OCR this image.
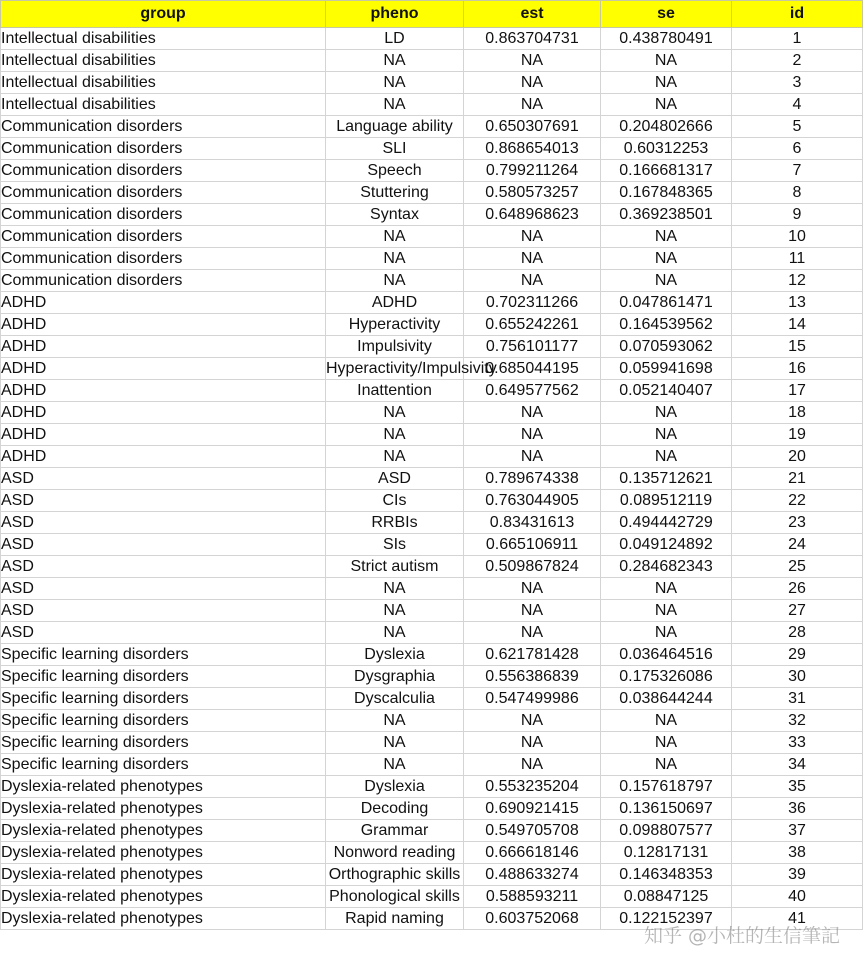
group	pheno	est	se	id
Intellectual disabilities	LD	0.863704731	0.438780491	1
Intellectual disabilities	NA	NA	NA	2
Intellectual disabilities	NA	NA	NA	3
Intellectual disabilities	NA	NA	NA	4
Communication disorders	Language ability	0.650307691	0.204802666	5
Communication disorders	SLI	0.868654013	0.60312253	6
Communication disorders	Speech	0.799211264	0.166681317	7
Communication disorders	Stuttering	0.580573257	0.167848365	8
Communication disorders	Syntax	0.648968623	0.369238501	9
Communication disorders	NA	NA	NA	10
Communication disorders	NA	NA	NA	11
Communication disorders	NA	NA	NA	12
ADHD	ADHD	0.702311266	0.047861471	13
ADHD	Hyperactivity	0.655242261	0.164539562	14
ADHD	Impulsivity	0.756101177	0.070593062	15
ADHD	Hyperactivity/Impulsivity	0.685044195	0.059941698	16
ADHD	Inattention	0.649577562	0.052140407	17
ADHD	NA	NA	NA	18
ADHD	NA	NA	NA	19
ADHD	NA	NA	NA	20
ASD	ASD	0.789674338	0.135712621	21
ASD	CIs	0.763044905	0.089512119	22
ASD	RRBIs	0.83431613	0.494442729	23
ASD	SIs	0.665106911	0.049124892	24
ASD	Strict autism	0.509867824	0.284682343	25
ASD	NA	NA	NA	26
ASD	NA	NA	NA	27
ASD	NA	NA	NA	28
Specific learning disorders	Dyslexia	0.621781428	0.036464516	29
Specific learning disorders	Dysgraphia	0.556386839	0.175326086	30
Specific learning disorders	Dyscalculia	0.547499986	0.038644244	31
Specific learning disorders	NA	NA	NA	32
Specific learning disorders	NA	NA	NA	33
Specific learning disorders	NA	NA	NA	34
Dyslexia-related phenotypes	Dyslexia	0.553235204	0.157618797	35
Dyslexia-related phenotypes	Decoding	0.690921415	0.136150697	36
Dyslexia-related phenotypes	Grammar	0.549705708	0.098807577	37
Dyslexia-related phenotypes	Nonword reading	0.666618146	0.12817131	38
Dyslexia-related phenotypes	Orthographic skills	0.488633274	0.146348353	39
Dyslexia-related phenotypes	Phonological skills	0.588593211	0.08847125	40
Dyslexia-related phenotypes	Rapid naming	0.603752068	0.122152397	41
知乎 @小杜的生信筆記
